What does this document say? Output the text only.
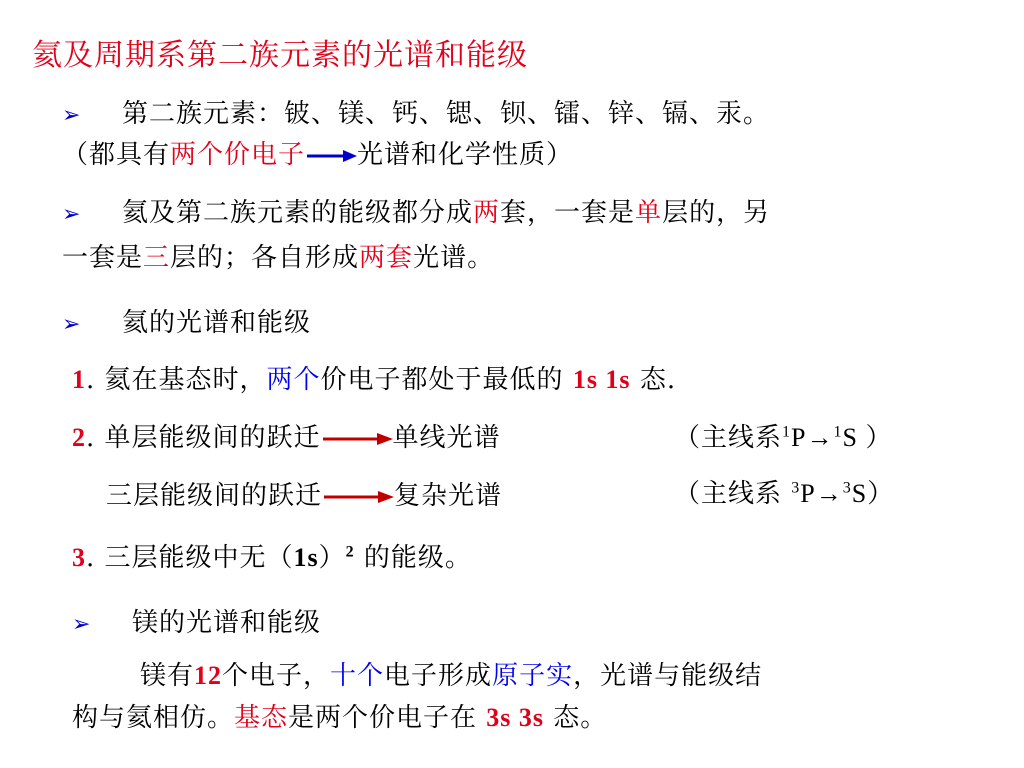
氦及周期系第二族元素的光谱和能级
➢ 第二族元素：铍、镁、钙、锶、钡、镭、锌、镉、汞。
（都具有两个价电子 光谱和化学性质）
➢ 氦及第二族元素的能级都分成两套，一套是单层的，另
一套是三层的；各自形成两套光谱。
➢ 氦的光谱和能级
1. 氦在基态时，两个价电子都处于最低的 1s 1s 态.
2. 单层能级间的跃迁	单线光谱	（主线系$^1$P→$^1$S ）
三层能级间的跃迁	复杂光谱	（主线系 $^3$P→$^3$S）
3. 三层能级中无$(1s)^2$ 的能级。
➢ 镁的光谱和能级
镁有12个电子，十个电子形成原子实，光谱与能级结
构与氦相仿。基态是两个价电子在 3s 3s 态。
